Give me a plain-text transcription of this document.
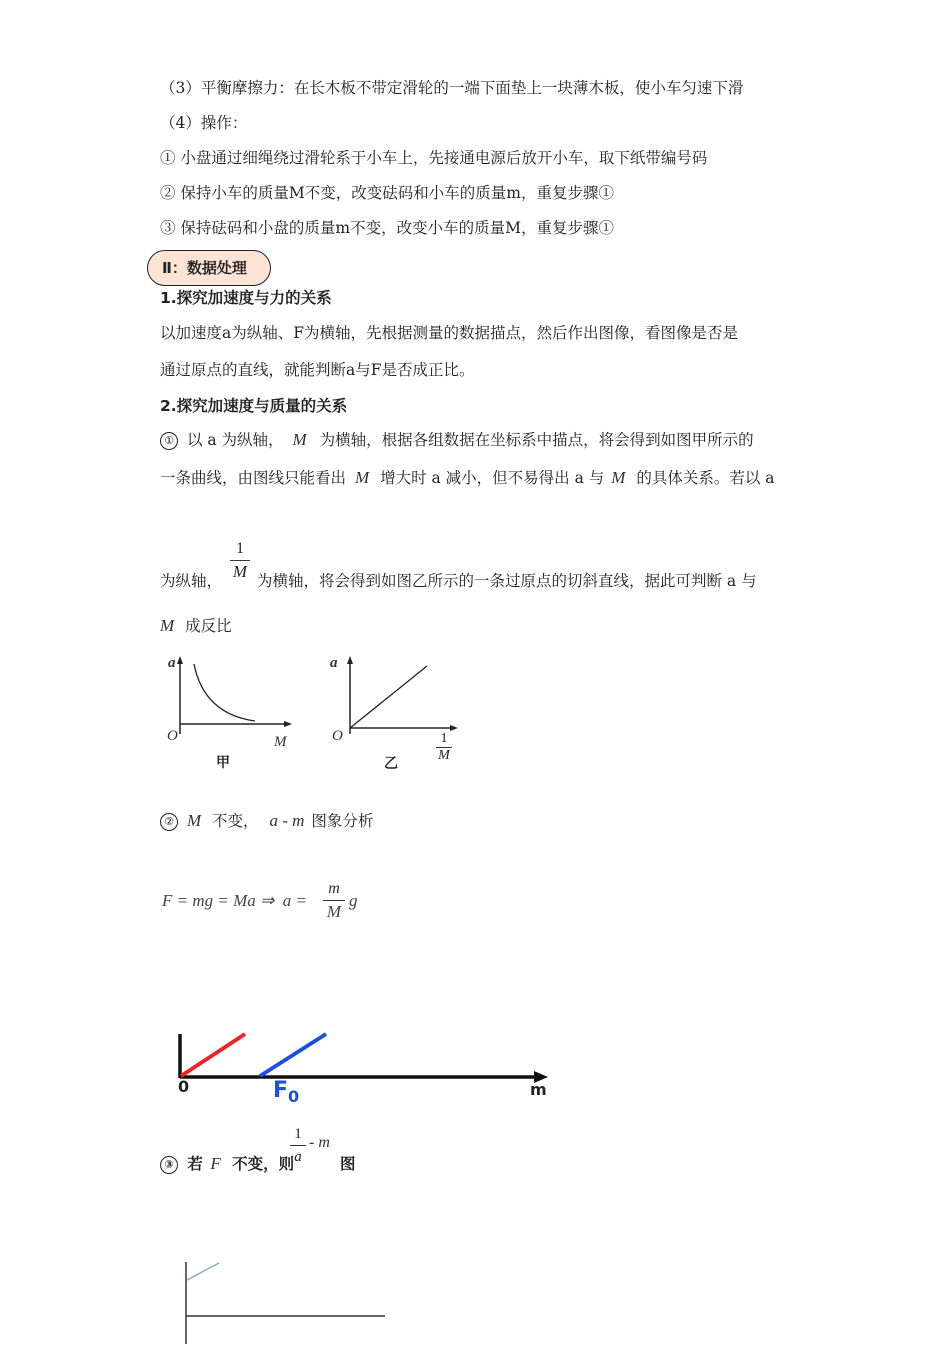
（3）平衡摩擦力：在长木板不带定滑轮的一端下面垫上一块薄木板，使小车匀速下滑
（4）操作：
① 小盘通过细绳绕过滑轮系于小车上，先接通电源后放开小车，取下纸带编号码
② 保持小车的质量M不变，改变砝码和小车的质量m，重复步骤①
③ 保持砝码和小盘的质量m不变，改变小车的质量M，重复步骤①
Ⅱ：数据处理
1.探究加速度与力的关系
以加速度a为纵轴、F为横轴，先根据测量的数据描点，然后作出图像，看图像是否是
通过原点的直线，就能判断a与F是否成正比。
2.探究加速度与质量的关系
① 以 a 为纵轴， M 为横轴，根据各组数据在坐标系中描点，将会得到如图甲所示的
一条曲线，由图线只能看出 M 增大时 a 减小，但不易得出 a 与 M 的具体关系。若以 a
1
M
为纵轴， 为横轴，将会得到如图乙所示的一条过原点的切斜直线，据此可判断 a 与
M 成反比
a
O	M
甲
a
O	1
M
乙
② M 不变， a - m 图象分析
F = mg = Ma ⇒  a =
m
M
g
0	$F_0$	m
1
a
- m
③ 若 F 不变，则	图
